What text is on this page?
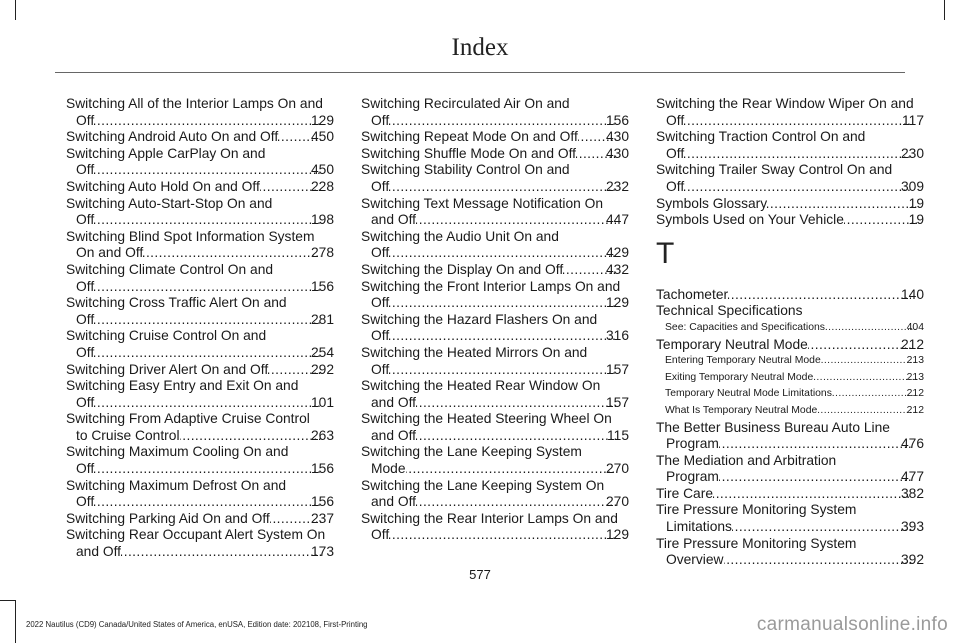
Index
Switching All of the Interior Lamps On and
Off .....	129
Switching Android Auto On and Off ..... 450
Switching Apple CarPlay On and
Off .....	450
Switching Auto Hold On and Off .....	228
Switching Auto-Start-Stop On and
Off .....	198
Switching Blind Spot Information System
On and Off .....	278
Switching Climate Control On and
Off .....	156
Switching Cross Traffic Alert On and
Off .....	281
Switching Cruise Control On and
Off .....	254
Switching Driver Alert On and Off .....	292
Switching Easy Entry and Exit On and
Off .....	101
Switching From Adaptive Cruise Control
to Cruise Control .....	263
Switching Maximum Cooling On and
Off .....	156
Switching Maximum Defrost On and
Off .....	156
Switching Parking Aid On and Off .....	237
Switching Rear Occupant Alert System On
and Off .....	173
Switching Recirculated Air On and
Off .....	156
Switching Repeat Mode On and Off ..... 430
Switching Shuffle Mode On and Off ..... 430
Switching Stability Control On and
Off .....	232
Switching Text Message Notification On
and Off .....	447
Switching the Audio Unit On and
Off .....	429
Switching the Display On and Off .....	432
Switching the Front Interior Lamps On and
Off .....	129
Switching the Hazard Flashers On and
Off .....	316
Switching the Heated Mirrors On and
Off .....	157
Switching the Heated Rear Window On
and Off .....	157
Switching the Heated Steering Wheel On
and Off .....	115
Switching the Lane Keeping System
Mode .....	270
Switching the Lane Keeping System On
and Off .....	270
Switching the Rear Interior Lamps On and
Off .....	129
Switching the Rear Window Wiper On and
Off .....	117
Switching Traction Control On and
Off .....	230
Switching Trailer Sway Control On and
Off .....	309
Symbols Glossary .....	19
Symbols Used on Your Vehicle .....	19
T
Tachometer .....	140
Technical Specifications
See: Capacities and Specifications .....	404
Temporary Neutral Mode .....	212
Entering Temporary Neutral Mode .....	213
Exiting Temporary Neutral Mode .....	213
Temporary Neutral Mode Limitations .....	212
What Is Temporary Neutral Mode .....	212
The Better Business Bureau Auto Line
Program .....	476
The Mediation and Arbitration
Program .....	477
Tire Care .....	382
Tire Pressure Monitoring System
Limitations .....	393
Tire Pressure Monitoring System
Overview .....	392
577
2022 Nautilus (CD9) Canada/United States of America, enUSA, Edition date: 202108, First-Printing	carmanualsonline.info
